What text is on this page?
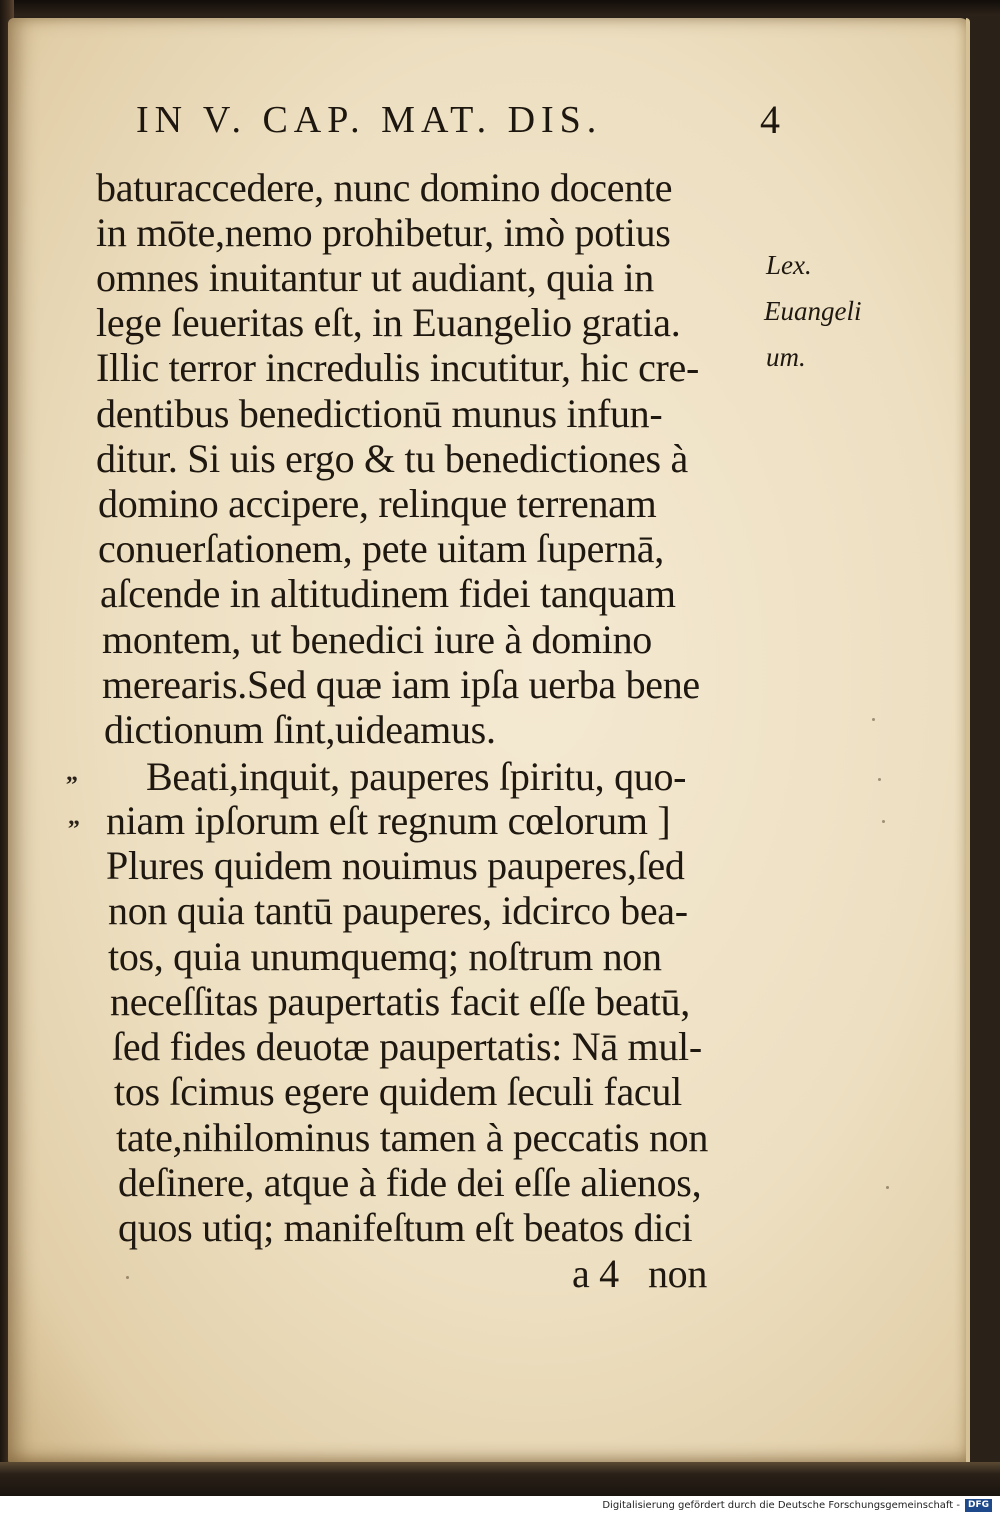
IN V. CAP. MAT. DIS.	4
baturaccedere, nunc domino docente
in mōte,nemo prohibetur, imò potius
omnes inuitantur ut audiant, quia in
lege ſeueritas eſt, in Euangelio gratia.
Illic terror incredulis incutitur, hic cre-
dentibus benedictionū munus infun-
ditur. Si uis ergo & tu benedictiones à
domino accipere, relinque terrenam
conuerſationem, pete uitam ſupernā,
aſcende in altitudinem fidei tanquam
montem, ut benedici iure à domino
merearis.Sed quæ iam ipſa uerba bene
dictionum ſint,uideamus.
„ Beati,inquit, pauperes ſpiritu, quo-
„ niam ipſorum eſt regnum cœlorum ]
Plures quidem nouimus pauperes,ſed
non quia tantū pauperes, idcirco bea-
tos, quia unumquemq; noſtrum non
neceſſitas paupertatis facit eſſe beatū,
ſed fides deuotæ paupertatis: Nā mul-
tos ſcimus egere quidem ſeculi facul
tate,nihilominus tamen à peccatis non
deſinere, atque à fide dei eſſe alienos,
quos utiq; manifeſtum eſt beatos dici
a 4   non
Lex.
Euangeli
um.
Digitalisierung gefördert durch die Deutsche Forschungsgemeinschaft - DFG
